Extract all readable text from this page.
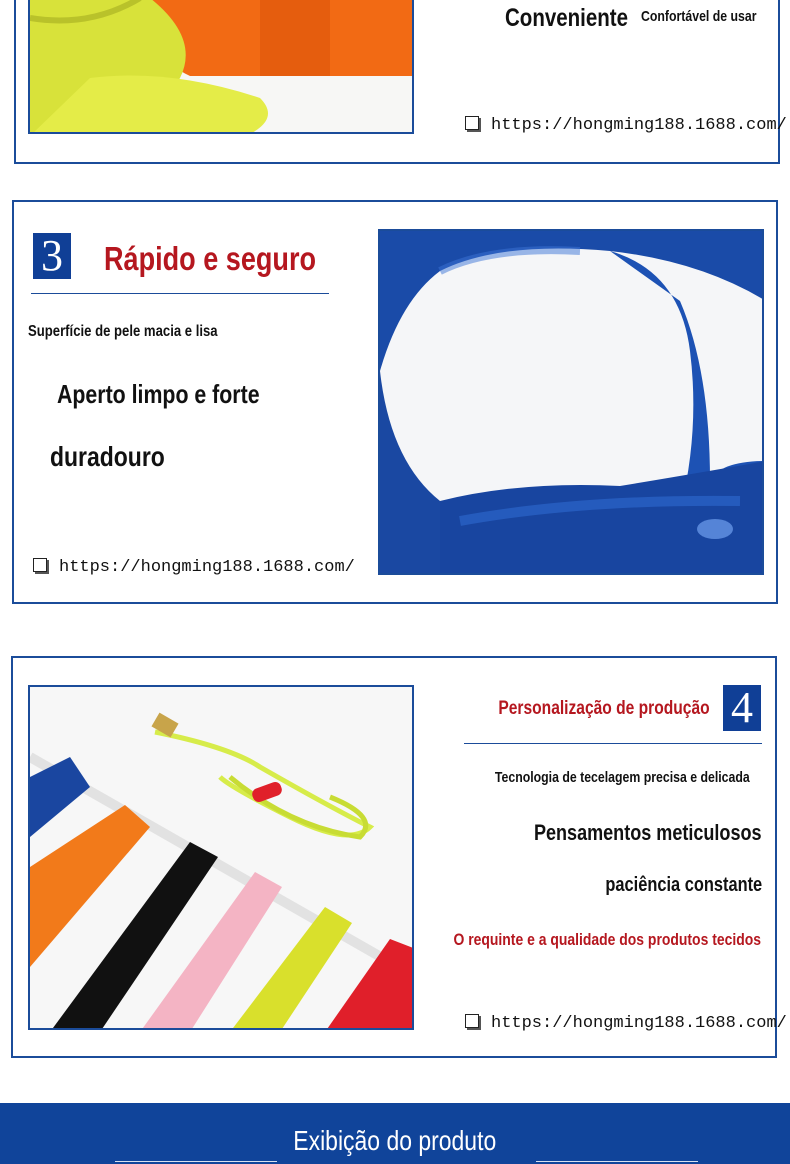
Conveniente Confortável de usar
https://hongming188.1688.com/
3 Rápido e seguro
Superfície de pele macia e lisa
Aperto limpo e forte
duradouro
https://hongming188.1688.com/
4
Personalização de produção
Tecnologia de tecelagem precisa e delicada
Pensamentos meticulosos
paciência constante
O requinte e a qualidade dos produtos tecidos
https://hongming188.1688.com/
Exibição do produto
